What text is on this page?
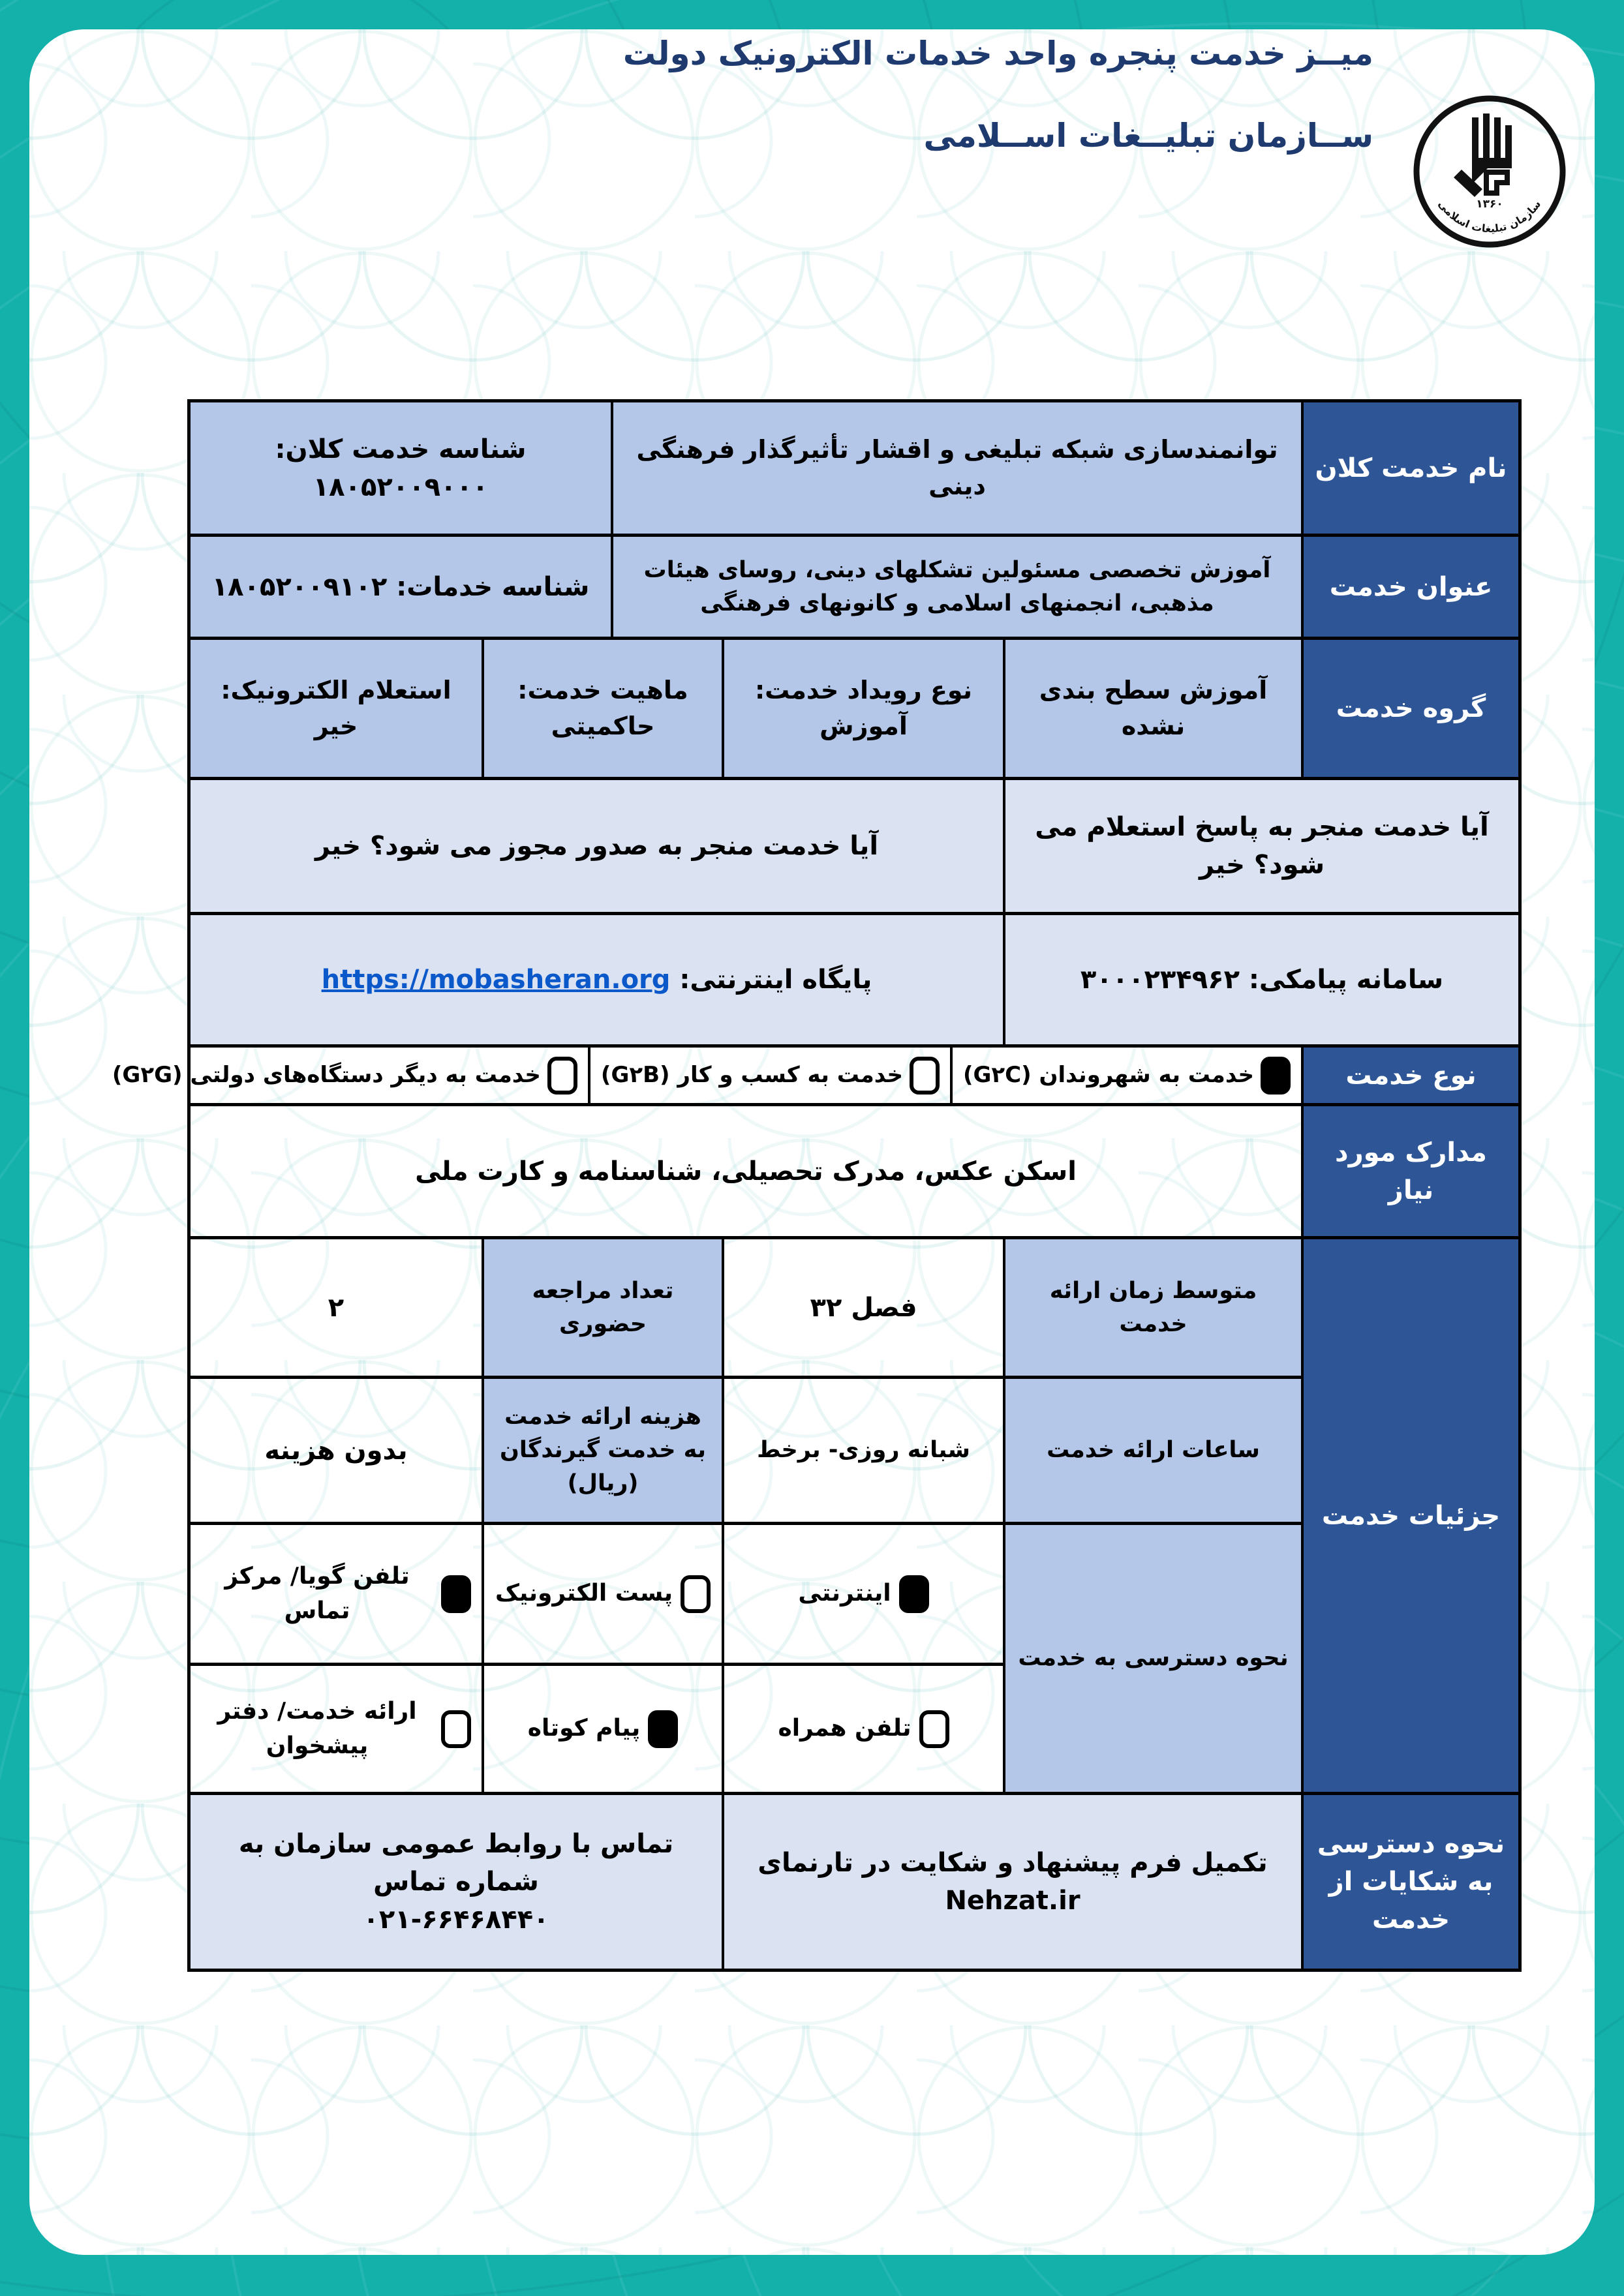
میــز خدمت پنجره واحد خدمات الکترونیک دولت
ســازمان تبلیــغات اســلامی
۱۳۶۰
سازمان تبلیغات اسلامی
نام خدمت کلان
توانمندسازی شبکه تبلیغی و اقشار تأثیرگذار فرهنگی دینی
شناسه خدمت کلان: ۱۸۰۵۲۰۰۹۰۰۰
عنوان خدمت
آموزش تخصصی مسئولین تشکلهای دینی، روسای هیئات مذهبی، انجمنهای اسلامی و کانونهای فرهنگی
شناسه خدمات: ۱۸۰۵۲۰۰۹۱۰۲
گروه خدمت
آموزش سطح بندی نشده
نوع رویداد خدمت:
آموزش
ماهیت خدمت:
حاکمیتی
استعلام الکترونیک:
خیر
آیا خدمت منجر به پاسخ استعلام می شود؟ خیر
آیا خدمت منجر به صدور مجوز می شود؟ خیر
سامانه پیامکی: ۳۰۰۰۲۳۴۹۶۲
پایگاه اینترنتی:
https://mobasheran.org
نوع خدمت
خدمت به شهروندان (G۲C)
خدمت به کسب و کار (G۲B)
خدمت به دیگر دستگاه‌های دولتی (G۲G)
مدارک مورد نیاز
اسکن عکس، مدرک تحصیلی، شناسنامه و کارت ملی
جزئیات خدمت
متوسط زمان ارائه خدمت
۳۲ فصل
تعداد مراجعه حضوری
۲
ساعات ارائه خدمت
شبانه روزی- برخط
هزینه ارائه خدمت به خدمت گیرندگان (ریال)
بدون هزینه
نحوه دسترسی به خدمت
اینترنتی
پست الکترونیک
تلفن گویا/ مرکز تماس
تلفن همراه
پیام کوتاه
ارائه خدمت/ دفتر پیشخوان
نحوه دسترسی به شکایات از خدمت
تکمیل فرم پیشنهاد و شکایت در تارنمای Nehzat.ir
تماس با روابط عمومی سازمان به شماره تماس
۰۲۱-۶۶۴۶۸۴۴۰
